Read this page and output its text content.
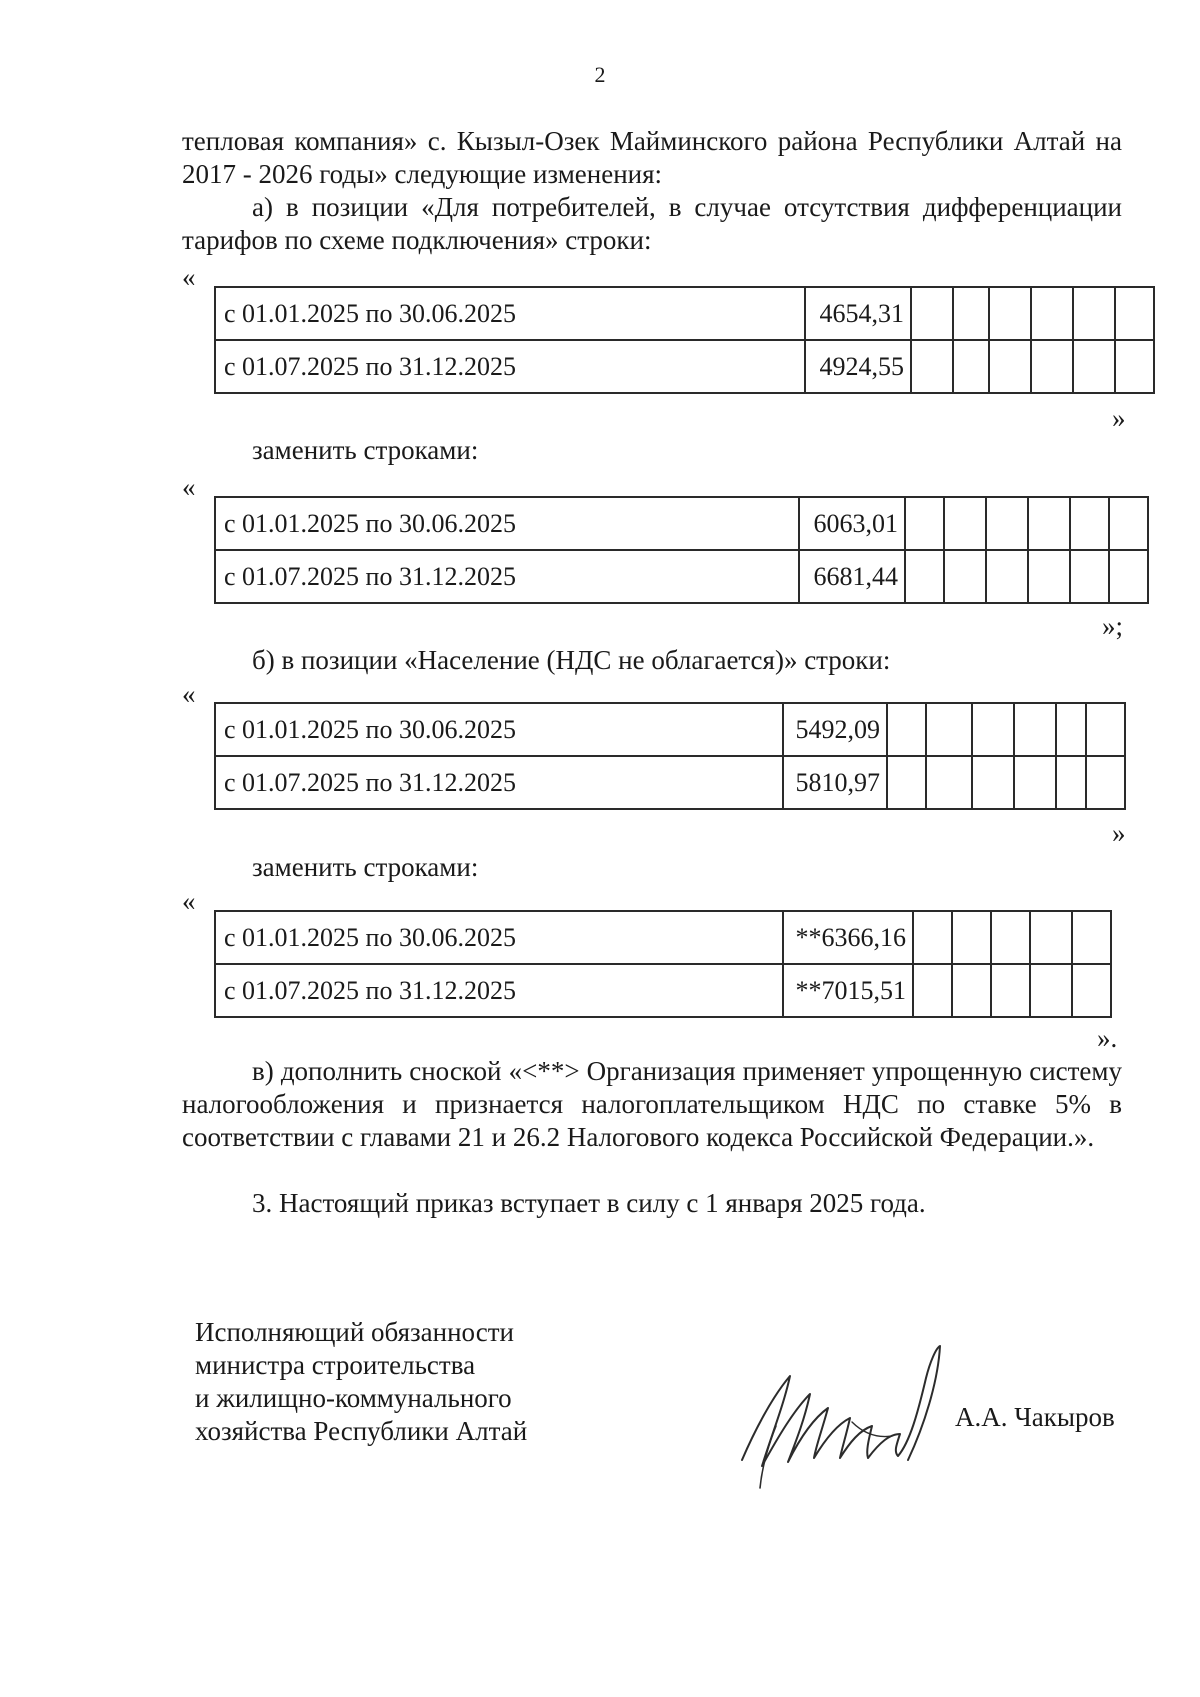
2
тепловая компания» с. Кызыл-Озек Майминского района Республики Алтай на 2017 - 2026 годы» следующие изменения:
а) в позиции «Для потребителей, в случае отсутствия дифференциации тарифов по схеме подключения» строки:
«
с 01.01.2025 по 30.06.2025	4654,31						
с 01.07.2025 по 31.12.2025	4924,55						
»
заменить строками:
«
с 01.01.2025 по 30.06.2025	6063,01						
с 01.07.2025 по 31.12.2025	6681,44						
»;
б) в позиции «Население (НДС не облагается)» строки:
«
с 01.01.2025 по 30.06.2025	5492,09						
с 01.07.2025 по 31.12.2025	5810,97						
»
заменить строками:
«
с 01.01.2025 по 30.06.2025	**6366,16					
с 01.07.2025 по 31.12.2025	**7015,51					
».
в) дополнить сноской «<**> Организация применяет упрощенную систему налогообложения и признается налогоплательщиком НДС по ставке 5% в соответствии с главами 21 и 26.2 Налогового кодекса Российской Федерации.».
3. Настоящий приказ вступает в силу с 1 января 2025 года.
Исполняющий обязанности
министра строительства
и жилищно-коммунального
хозяйства Республики Алтай	А.А. Чакыров
